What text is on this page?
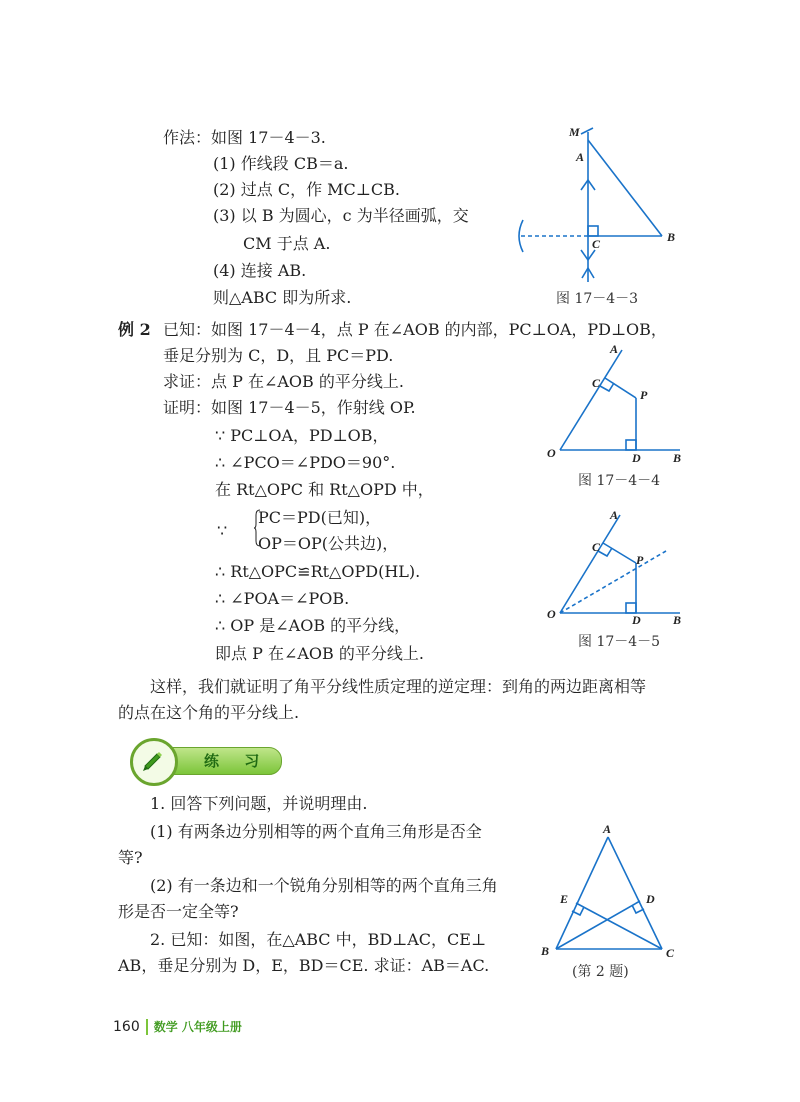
作法：如图 17－4－3.
(1) 作线段 CB＝a.
(2) 过点 C，作 MC⊥CB.
(3) 以 B 为圆心，c 为半径画弧，交
CM 于点 A.
(4) 连接 AB.
则△ABC 即为所求.
M
A
C	B
图 17－4－3
例 2 已知：如图 17－4－4，点 P 在∠AOB 的内部，PC⊥OA，PD⊥OB，
垂足分别为 C，D，且 PC＝PD.
求证：点 P 在∠AOB 的平分线上.
证明：如图 17－4－5，作射线 OP.
∵ PC⊥OA，PD⊥OB，
∴ ∠PCO＝∠PDO＝90°.
在 Rt△OPC 和 Rt△OPD 中，
∵
PC＝PD(已知)，
OP＝OP(公共边)，
∴ Rt△OPC≌Rt△OPD(HL).
∴ ∠POA＝∠POB.
∴ OP 是∠AOB 的平分线，
即点 P 在∠AOB 的平分线上.
A
C
P
O	D	B
图 17－4－4
A
C
P
O	D	B
图 17－4－5
这样，我们就证明了角平分线性质定理的逆定理：到角的两边距离相等
的点在这个角的平分线上.
练 习
1. 回答下列问题，并说明理由.
(1) 有两条边分别相等的两个直角三角形是否全
等?
(2) 有一条边和一个锐角分别相等的两个直角三角
形是否一定全等?
2. 已知：如图，在△ABC 中，BD⊥AC，CE⊥
AB，垂足分别为 D，E，BD＝CE. 求证：AB＝AC.
A
E	D
B	C
(第 2 题)
160 数学 八年级上册
